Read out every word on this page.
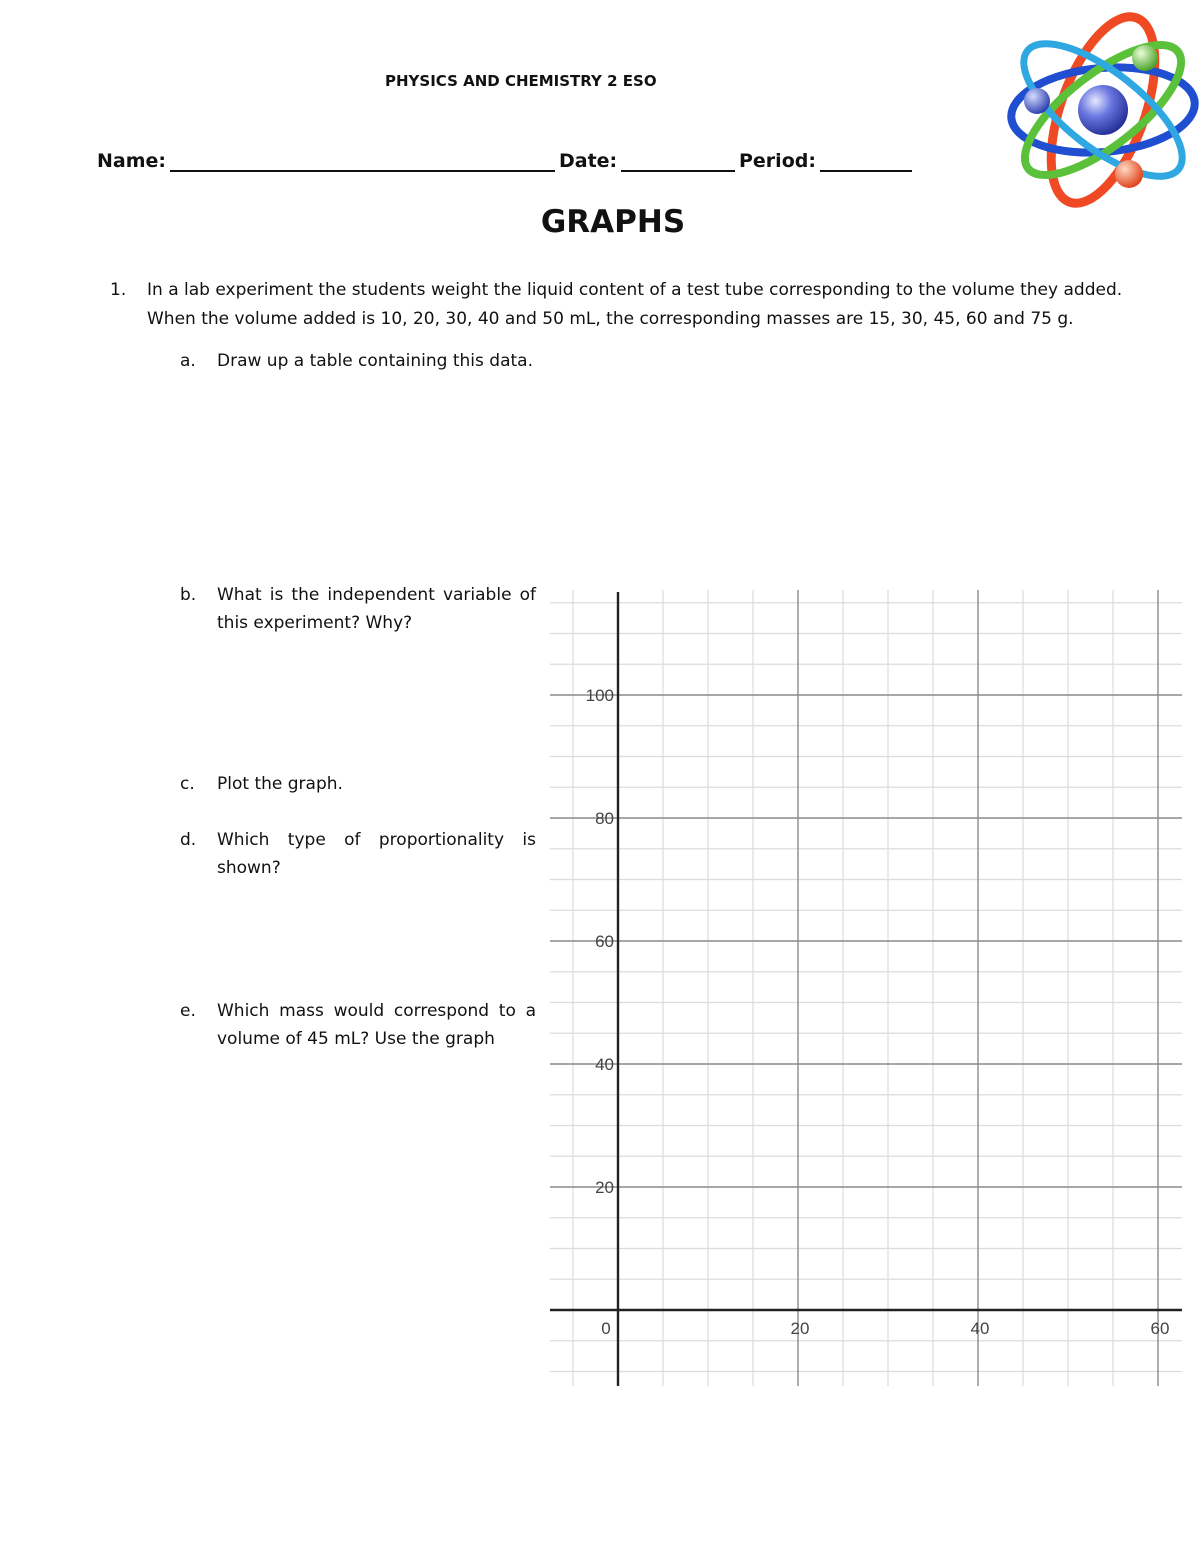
PHYSICS AND CHEMISTRY 2 ESO
Name:	Date:	Period:
GRAPHS
1. In a lab experiment the students weight the liquid content of a test tube corresponding to the volume they added. When the volume added is 10, 20, 30, 40 and 50 mL, the corresponding masses are 15, 30, 45, 60 and 75 g.
a. Draw up a table containing this data.
b. What is the independent variable of this experiment? Why?
c. Plot the graph.
d. Which type of proportionality is shown?
e. Which mass would correspond to a volume of 45 mL? Use the graph
20
40
60
80
100
0	20	40	60
